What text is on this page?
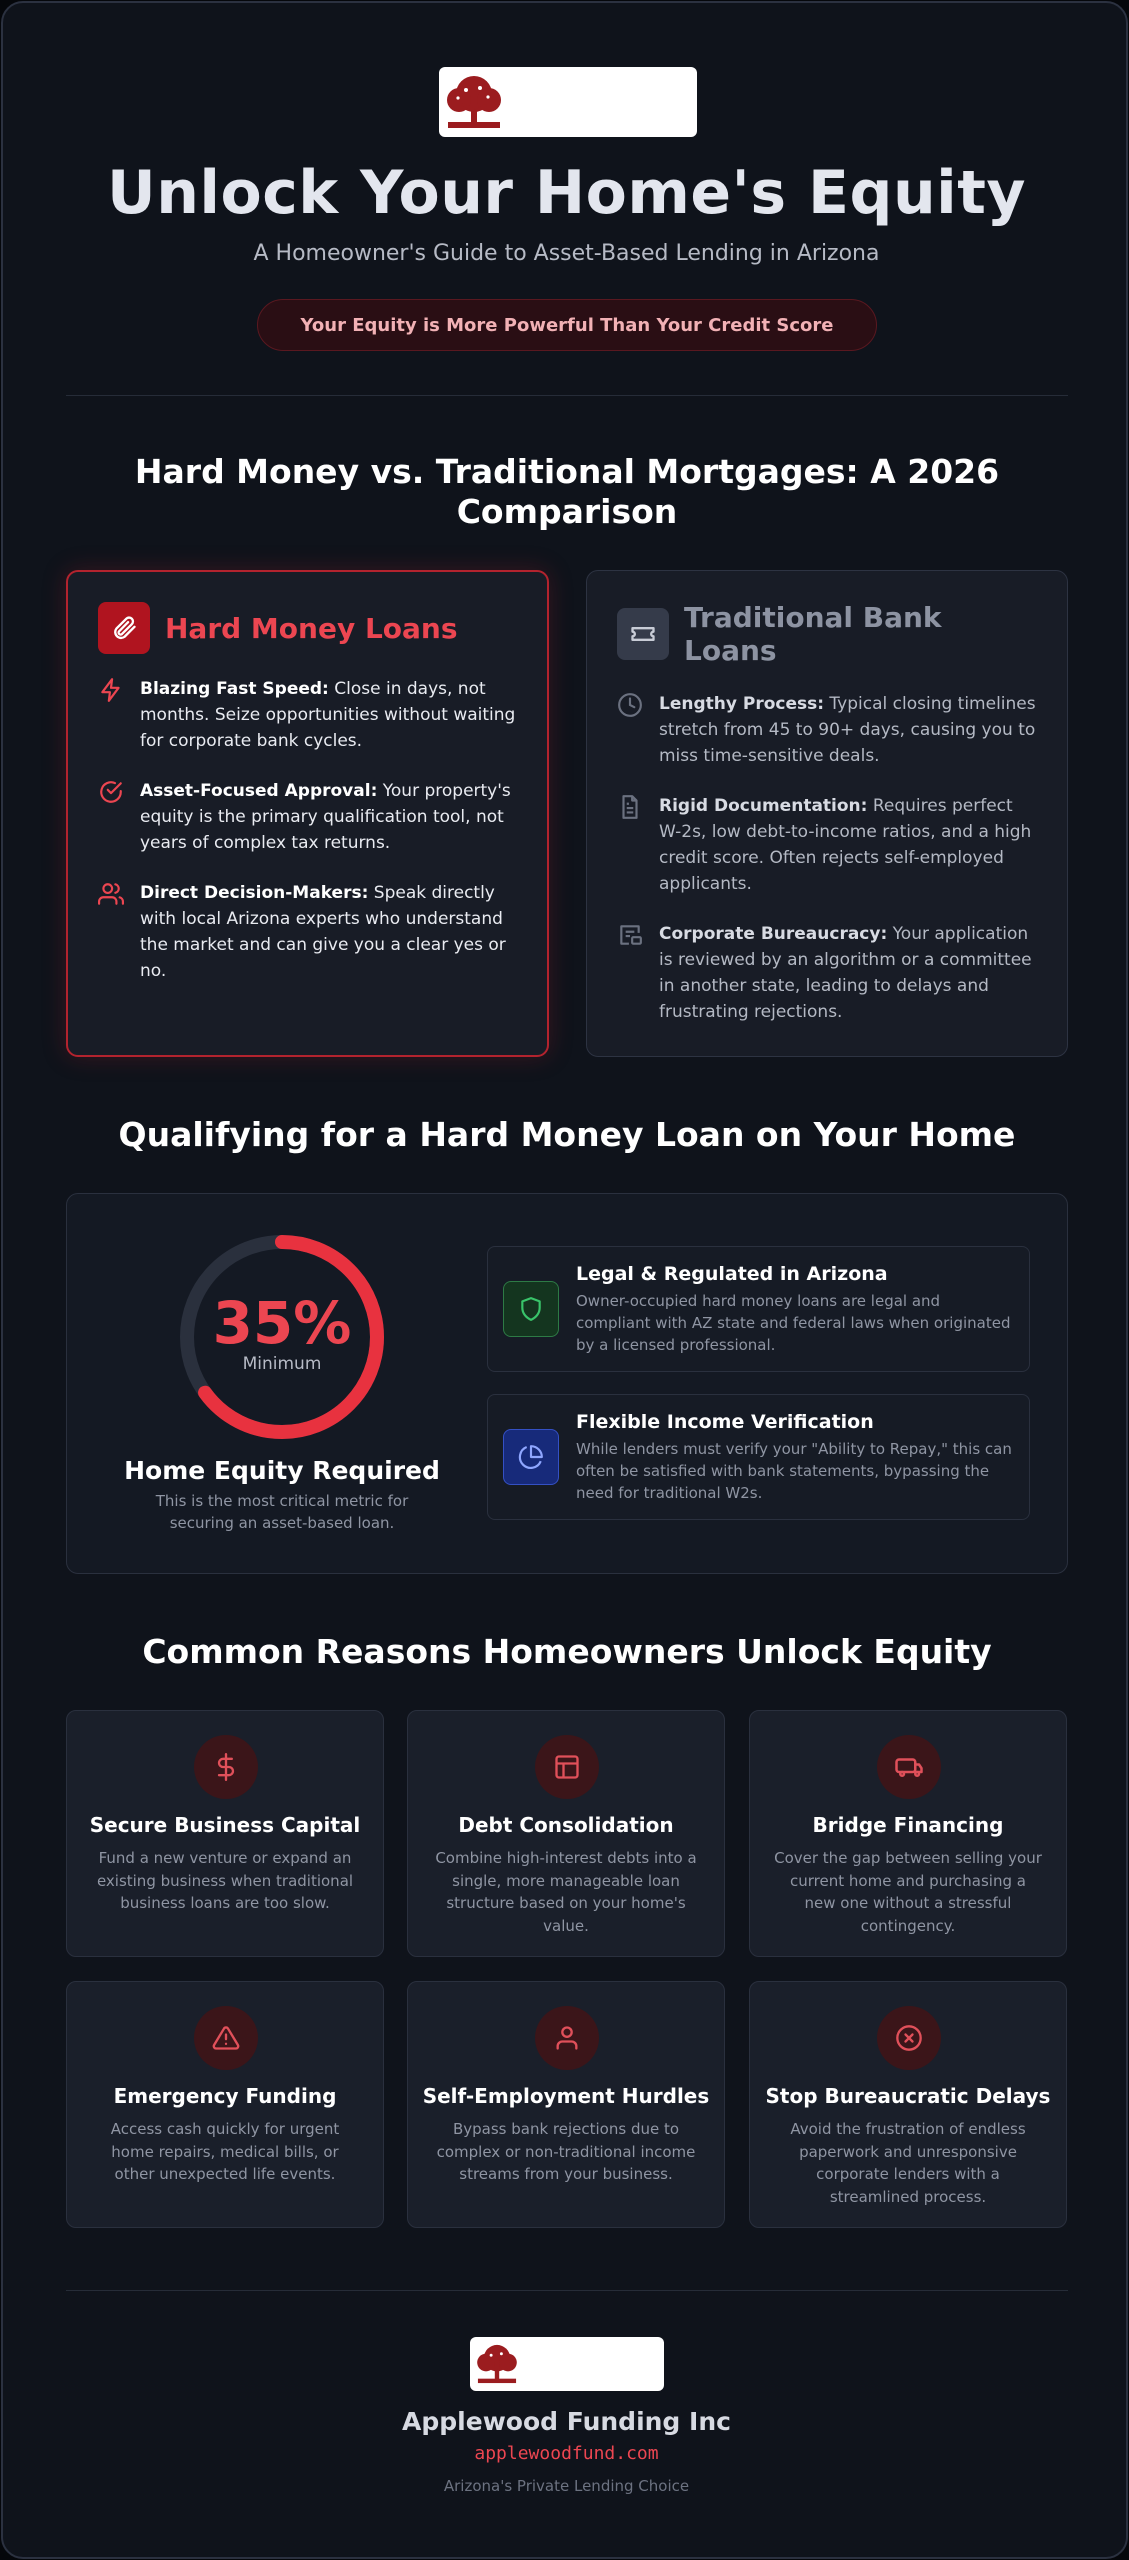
Unlock Your Home's Equity
A Homeowner's Guide to Asset-Based Lending in Arizona
Your Equity is More Powerful Than Your Credit Score
Hard Money vs. Traditional Mortgages: A 2026 Comparison
Hard Money Loans
Blazing Fast Speed: Close in days, not months. Seize opportunities without waiting for corporate bank cycles.
Asset-Focused Approval: Your property's equity is the primary qualification tool, not years of complex tax returns.
Direct Decision-Makers: Speak directly with local Arizona experts who understand the market and can give you a clear yes or no.
Traditional Bank Loans
Lengthy Process: Typical closing timelines stretch from 45 to 90+ days, causing you to miss time-sensitive deals.
Rigid Documentation: Requires perfect W-2s, low debt-to-income ratios, and a high credit score. Often rejects self-employed applicants.
Corporate Bureaucracy: Your application is reviewed by an algorithm or a committee in another state, leading to delays and frustrating rejections.
Qualifying for a Hard Money Loan on Your Home
35%
Minimum
Home Equity Required
This is the most critical metric for securing an asset-based loan.
Legal & Regulated in Arizona
Owner-occupied hard money loans are legal and compliant with AZ state and federal laws when originated by a licensed professional.
Flexible Income Verification
While lenders must verify your "Ability to Repay," this can often be satisfied with bank statements, bypassing the need for traditional W2s.
Common Reasons Homeowners Unlock Equity
Secure Business Capital
Fund a new venture or expand an existing business when traditional business loans are too slow.
Debt Consolidation
Combine high-interest debts into a single, more manageable loan structure based on your home's value.
Bridge Financing
Cover the gap between selling your current home and purchasing a new one without a stressful contingency.
Emergency Funding
Access cash quickly for urgent home repairs, medical bills, or other unexpected life events.
Self-Employment Hurdles
Bypass bank rejections due to complex or non-traditional income streams from your business.
Stop Bureaucratic Delays
Avoid the frustration of endless paperwork and unresponsive corporate lenders with a streamlined process.
Applewood Funding Inc
applewoodfund.com
Arizona's Private Lending Choice
